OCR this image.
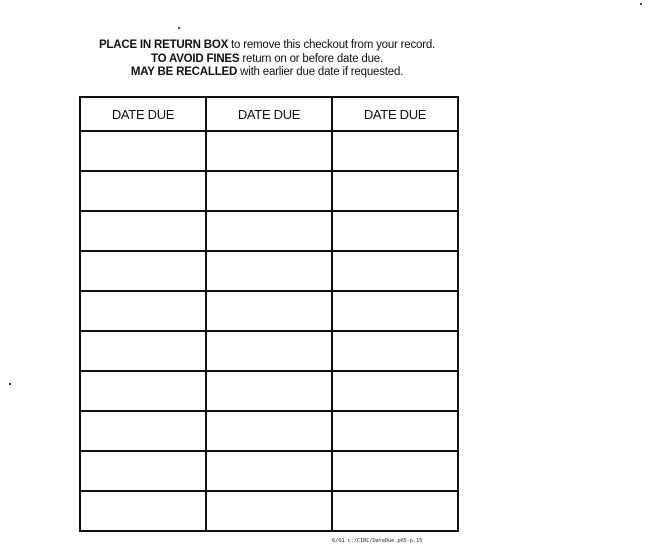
PLACE IN RETURN BOX to remove this checkout from your record.
TO AVOID FINES return on or before date due.
MAY BE RECALLED with earlier due date if requested.
DATE DUE	DATE DUE	DATE DUE

6/01 c:/CIRC/DateDue.p65-p.15
